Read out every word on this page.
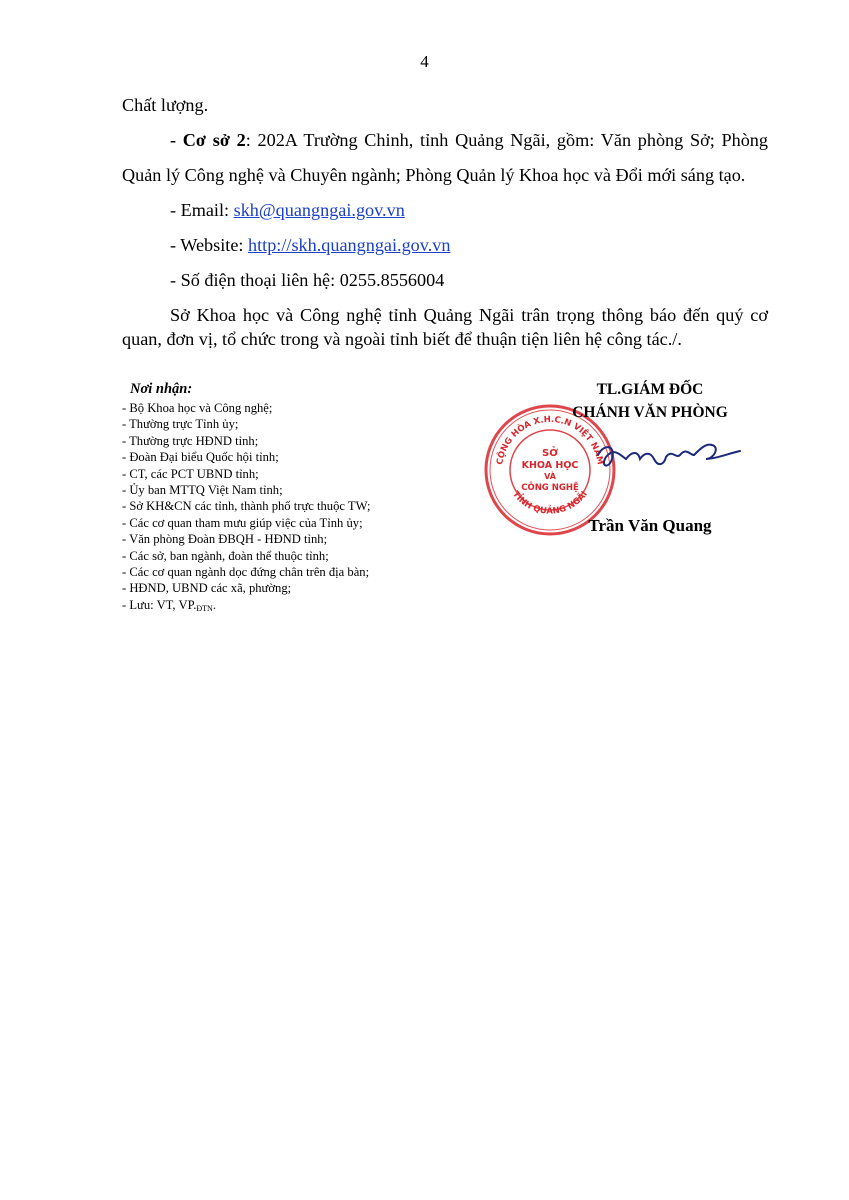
4

Chất lượng.

- Cơ sở 2: 202A Trường Chinh, tỉnh Quảng Ngãi, gồm: Văn phòng Sở; Phòng Quản lý Công nghệ và Chuyên ngành; Phòng Quản lý Khoa học và Đổi mới sáng tạo.

- Email: skh@quangngai.gov.vn

- Website: http://skh.quangngai.gov.vn

- Số điện thoại liên hệ: 0255.8556004

Sở Khoa học và Công nghệ tỉnh Quảng Ngãi trân trọng thông báo đến quý cơ quan, đơn vị, tổ chức trong và ngoài tỉnh biết để thuận tiện liên hệ công tác./.

Nơi nhận:
- Bộ Khoa học và Công nghệ;
- Thường trực Tỉnh ủy;
- Thường trực HĐND tỉnh;
- Đoàn Đại biểu Quốc hội tỉnh;
- CT, các PCT UBND tỉnh;
- Ủy ban MTTQ Việt Nam tỉnh;
- Sở KH&CN các tỉnh, thành phố trực thuộc TW;
- Các cơ quan tham mưu giúp việc của Tỉnh ủy;
- Văn phòng Đoàn ĐBQH - HĐND tỉnh;
- Các sở, ban ngành, đoàn thể thuộc tỉnh;
- Các cơ quan ngành dọc đứng chân trên địa bàn;
- HĐND, UBND các xã, phường;
- Lưu: VT, $VP._{ĐTN}$.
CỘNG HÒA X.H.C.N VIỆT NAM
TỈNH QUẢNG NGÃI
SỞ
KHOA HỌC
VÀ
CÔNG NGHỆ
TL.GIÁM ĐỐC
CHÁNH VĂN PHÒNG
Trần Văn Quang
